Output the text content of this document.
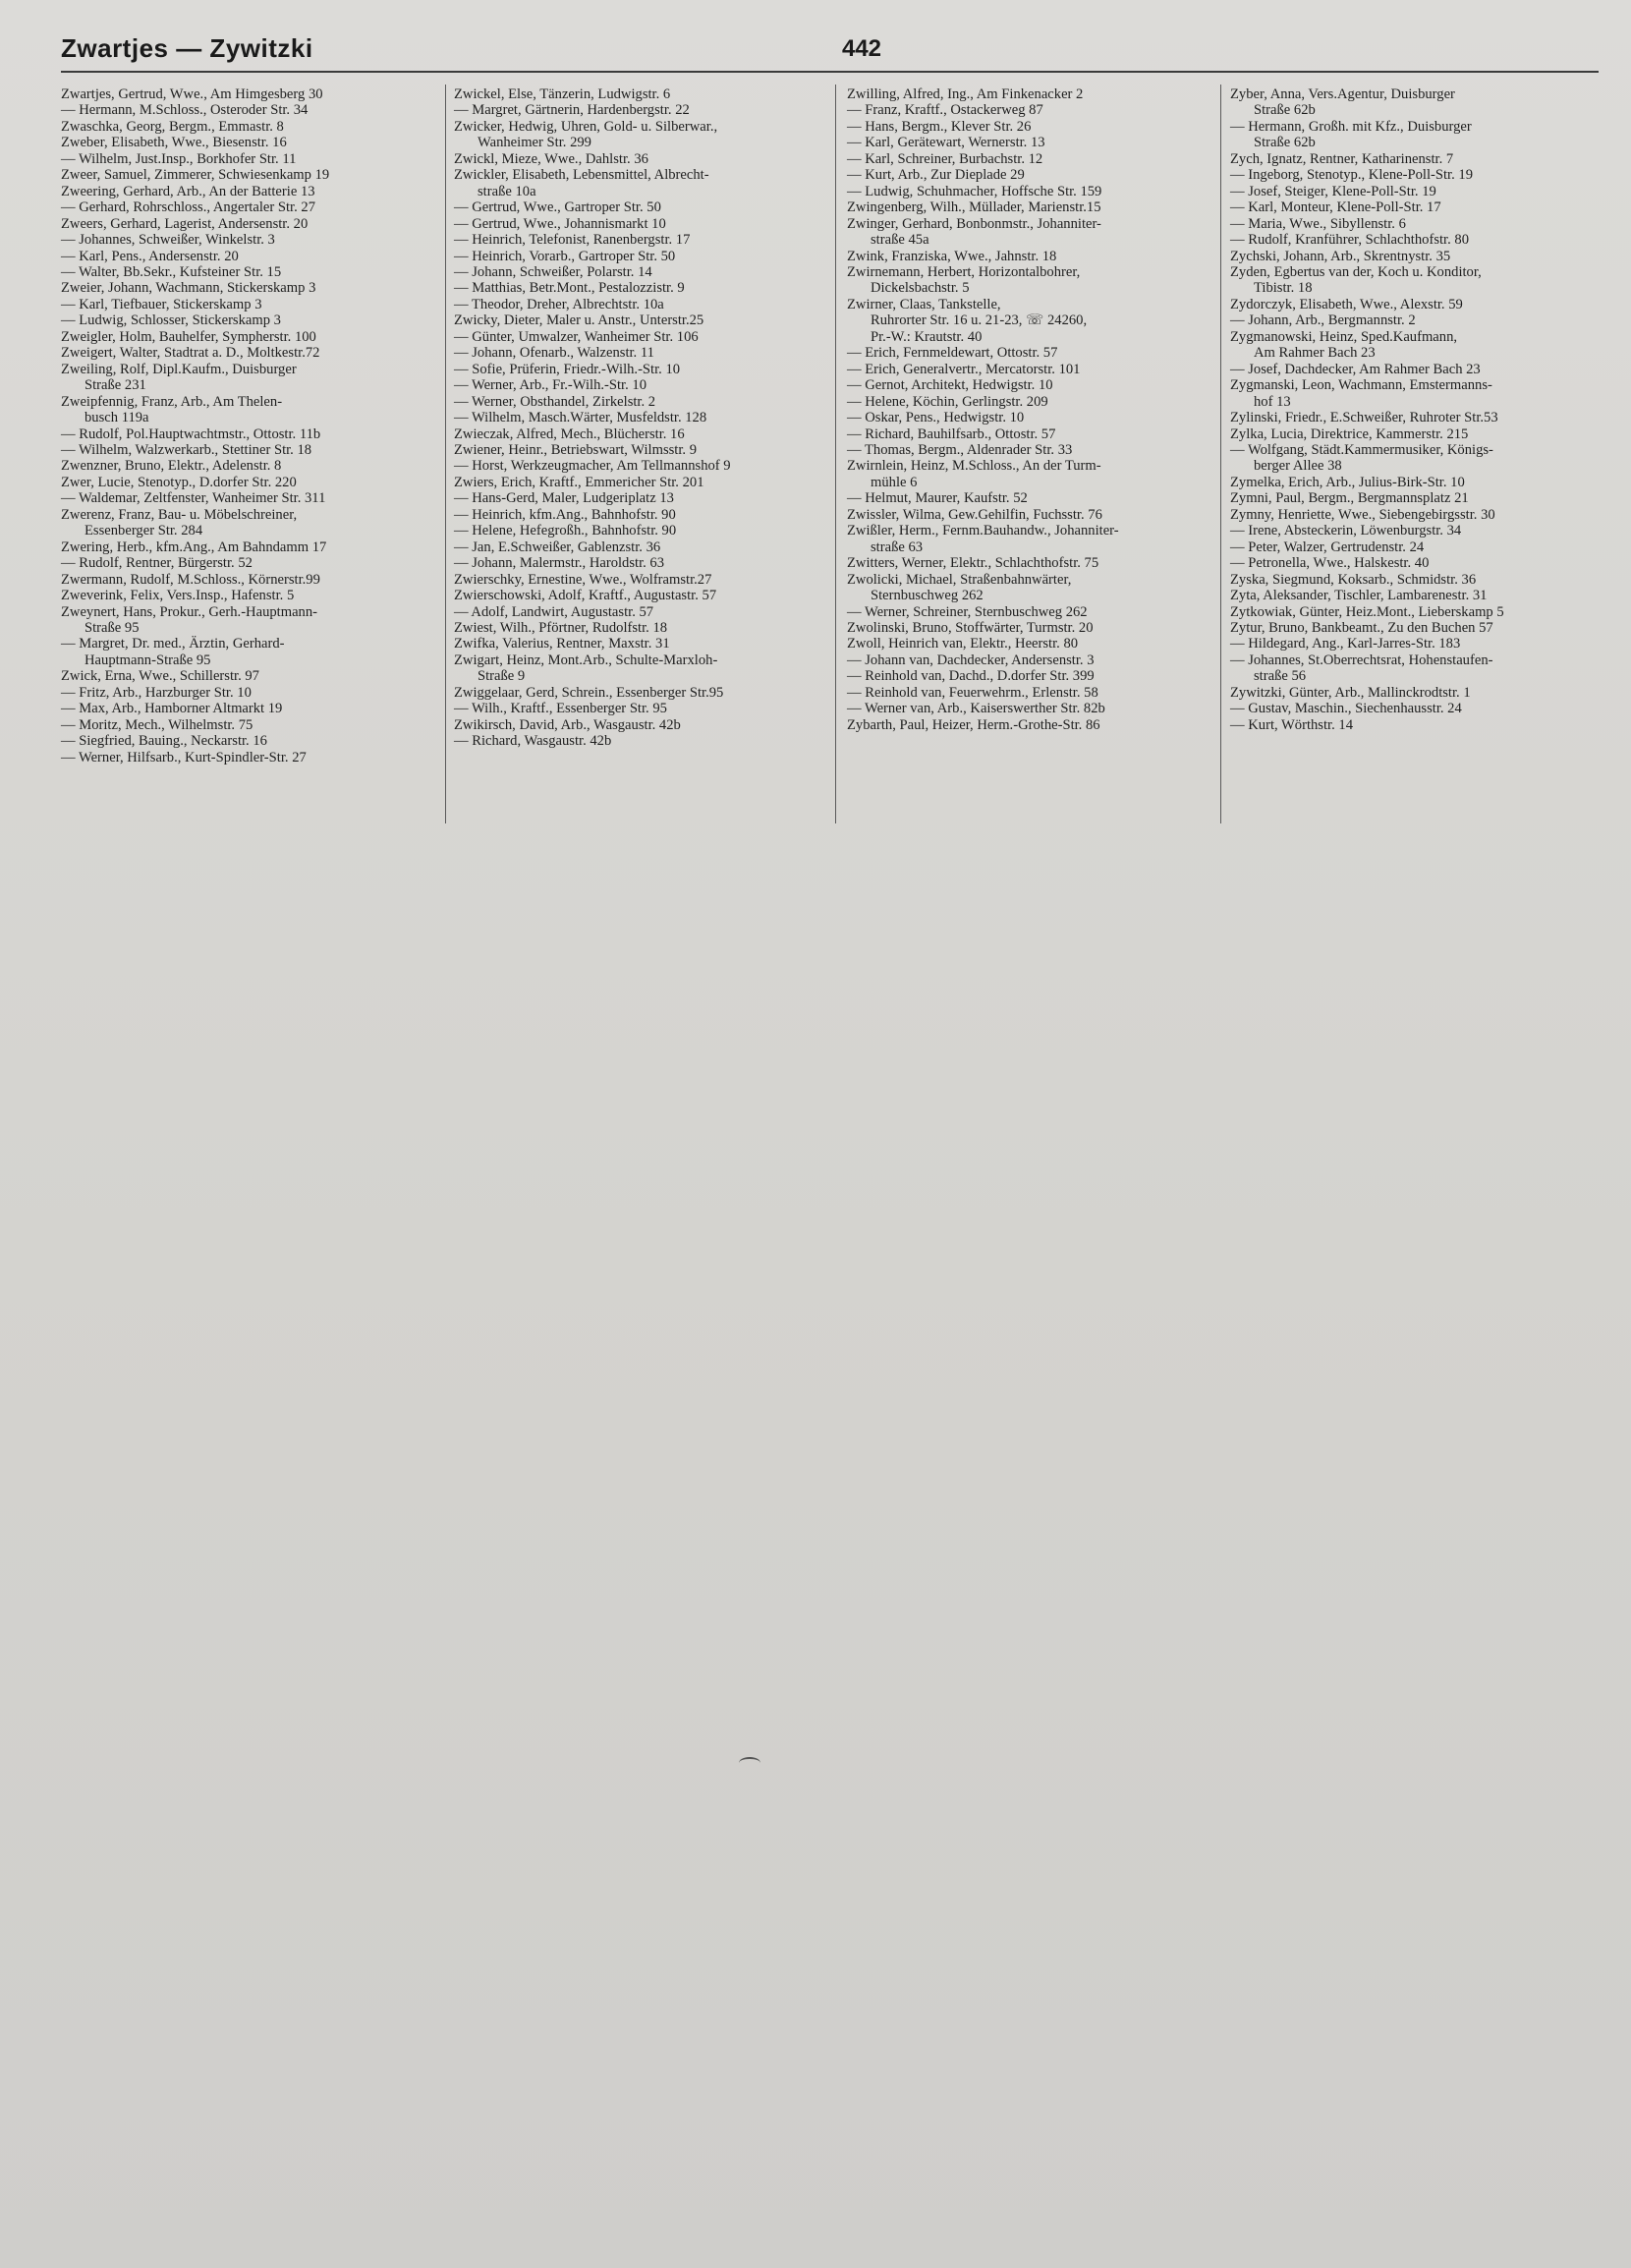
Zwartjes — Zywitzki	442
Zwartjes, Gertrud, Wwe., Am Himgesberg 30
— Hermann, M.Schloss., Osteroder Str. 34
Zwaschka, Georg, Bergm., Emmastr. 8
Zweber, Elisabeth, Wwe., Biesenstr. 16
— Wilhelm, Just.Insp., Borkhofer Str. 11
Zweer, Samuel, Zimmerer, Schwiesenkamp 19
Zweering, Gerhard, Arb., An der Batterie 13
— Gerhard, Rohrschloss., Angertaler Str. 27
Zweers, Gerhard, Lagerist, Andersenstr. 20
— Johannes, Schweißer, Winkelstr. 3
— Karl, Pens., Andersenstr. 20
— Walter, Bb.Sekr., Kufsteiner Str. 15
Zweier, Johann, Wachmann, Stickerskamp 3
— Karl, Tiefbauer, Stickerskamp 3
— Ludwig, Schlosser, Stickerskamp 3
Zweigler, Holm, Bauhelfer, Sympherstr. 100
Zweigert, Walter, Stadtrat a. D., Moltkestr.72
Zweiling, Rolf, Dipl.Kaufm., Duisburger
Straße 231
Zweipfennig, Franz, Arb., Am Thelen-
busch 119a
— Rudolf, Pol.Hauptwachtmstr., Ottostr. 11b
— Wilhelm, Walzwerkarb., Stettiner Str. 18
Zwenzner, Bruno, Elektr., Adelenstr. 8
Zwer, Lucie, Stenotyp., D.dorfer Str. 220
— Waldemar, Zeltfenster, Wanheimer Str. 311
Zwerenz, Franz, Bau- u. Möbelschreiner,
Essenberger Str. 284
Zwering, Herb., kfm.Ang., Am Bahndamm 17
— Rudolf, Rentner, Bürgerstr. 52
Zwermann, Rudolf, M.Schloss., Körnerstr.99
Zweverink, Felix, Vers.Insp., Hafenstr. 5
Zweynert, Hans, Prokur., Gerh.-Hauptmann-
Straße 95
— Margret, Dr. med., Ärztin, Gerhard-
Hauptmann-Straße 95
Zwick, Erna, Wwe., Schillerstr. 97
— Fritz, Arb., Harzburger Str. 10
— Max, Arb., Hamborner Altmarkt 19
— Moritz, Mech., Wilhelmstr. 75
— Siegfried, Bauing., Neckarstr. 16
— Werner, Hilfsarb., Kurt-Spindler-Str. 27
Zwickel, Else, Tänzerin, Ludwigstr. 6
— Margret, Gärtnerin, Hardenbergstr. 22
Zwicker, Hedwig, Uhren, Gold- u. Silberwar.,
Wanheimer Str. 299
Zwickl, Mieze, Wwe., Dahlstr. 36
Zwickler, Elisabeth, Lebensmittel, Albrecht-
straße 10a
— Gertrud, Wwe., Gartroper Str. 50
— Gertrud, Wwe., Johannismarkt 10
— Heinrich, Telefonist, Ranenbergstr. 17
— Heinrich, Vorarb., Gartroper Str. 50
— Johann, Schweißer, Polarstr. 14
— Matthias, Betr.Mont., Pestalozzistr. 9
— Theodor, Dreher, Albrechtstr. 10a
Zwicky, Dieter, Maler u. Anstr., Unterstr.25
— Günter, Umwalzer, Wanheimer Str. 106
— Johann, Ofenarb., Walzenstr. 11
— Sofie, Prüferin, Friedr.-Wilh.-Str. 10
— Werner, Arb., Fr.-Wilh.-Str. 10
— Werner, Obsthandel, Zirkelstr. 2
— Wilhelm, Masch.Wärter, Musfeldstr. 128
Zwieczak, Alfred, Mech., Blücherstr. 16
Zwiener, Heinr., Betriebswart, Wilmsstr. 9
— Horst, Werkzeugmacher, Am Tellmannshof 9
Zwiers, Erich, Kraftf., Emmericher Str. 201
— Hans-Gerd, Maler, Ludgeriplatz 13
— Heinrich, kfm.Ang., Bahnhofstr. 90
— Helene, Hefegroßh., Bahnhofstr. 90
— Jan, E.Schweißer, Gablenzstr. 36
— Johann, Malermstr., Haroldstr. 63
Zwierschky, Ernestine, Wwe., Wolframstr.27
Zwierschowski, Adolf, Kraftf., Augustastr. 57
— Adolf, Landwirt, Augustastr. 57
Zwiest, Wilh., Pförtner, Rudolfstr. 18
Zwifka, Valerius, Rentner, Maxstr. 31
Zwigart, Heinz, Mont.Arb., Schulte-Marxloh-
Straße 9
Zwiggelaar, Gerd, Schrein., Essenberger Str.95
— Wilh., Kraftf., Essenberger Str. 95
Zwikirsch, David, Arb., Wasgaustr. 42b
— Richard, Wasgaustr. 42b
Zwilling, Alfred, Ing., Am Finkenacker 2
— Franz, Kraftf., Ostackerweg 87
— Hans, Bergm., Klever Str. 26
— Karl, Gerätewart, Wernerstr. 13
— Karl, Schreiner, Burbachstr. 12
— Kurt, Arb., Zur Dieplade 29
— Ludwig, Schuhmacher, Hoffsche Str. 159
Zwingenberg, Wilh., Müllader, Marienstr.15
Zwinger, Gerhard, Bonbonmstr., Johanniter-
straße 45a
Zwink, Franziska, Wwe., Jahnstr. 18
Zwirnemann, Herbert, Horizontalbohrer,
Dickelsbachstr. 5
Zwirner, Claas, Tankstelle,
Ruhrorter Str. 16 u. 21-23, ☏ 24260,
Pr.-W.: Krautstr. 40
— Erich, Fernmeldewart, Ottostr. 57
— Erich, Generalvertr., Mercatorstr. 101
— Gernot, Architekt, Hedwigstr. 10
— Helene, Köchin, Gerlingstr. 209
— Oskar, Pens., Hedwigstr. 10
— Richard, Bauhilfsarb., Ottostr. 57
— Thomas, Bergm., Aldenrader Str. 33
Zwirnlein, Heinz, M.Schloss., An der Turm-
mühle 6
— Helmut, Maurer, Kaufstr. 52
Zwissler, Wilma, Gew.Gehilfin, Fuchsstr. 76
Zwißler, Herm., Fernm.Bauhandw., Johanniter-
straße 63
Zwitters, Werner, Elektr., Schlachthofstr. 75
Zwolicki, Michael, Straßenbahnwärter,
Sternbuschweg 262
— Werner, Schreiner, Sternbuschweg 262
Zwolinski, Bruno, Stoffwärter, Turmstr. 20
Zwoll, Heinrich van, Elektr., Heerstr. 80
— Johann van, Dachdecker, Andersenstr. 3
— Reinhold van, Dachd., D.dorfer Str. 399
— Reinhold van, Feuerwehrm., Erlenstr. 58
— Werner van, Arb., Kaiserswerther Str. 82b
Zybarth, Paul, Heizer, Herm.-Grothe-Str. 86
Zyber, Anna, Vers.Agentur, Duisburger
Straße 62b
— Hermann, Großh. mit Kfz., Duisburger
Straße 62b
Zych, Ignatz, Rentner, Katharinenstr. 7
— Ingeborg, Stenotyp., Klene-Poll-Str. 19
— Josef, Steiger, Klene-Poll-Str. 19
— Karl, Monteur, Klene-Poll-Str. 17
— Maria, Wwe., Sibyllenstr. 6
— Rudolf, Kranführer, Schlachthofstr. 80
Zychski, Johann, Arb., Skrentnystr. 35
Zyden, Egbertus van der, Koch u. Konditor,
Tibistr. 18
Zydorczyk, Elisabeth, Wwe., Alexstr. 59
— Johann, Arb., Bergmannstr. 2
Zygmanowski, Heinz, Sped.Kaufmann,
Am Rahmer Bach 23
— Josef, Dachdecker, Am Rahmer Bach 23
Zygmanski, Leon, Wachmann, Emstermanns-
hof 13
Zylinski, Friedr., E.Schweißer, Ruhroter Str.53
Zylka, Lucia, Direktrice, Kammerstr. 215
— Wolfgang, Städt.Kammermusiker, Königs-
berger Allee 38
Zymelka, Erich, Arb., Julius-Birk-Str. 10
Zymni, Paul, Bergm., Bergmannsplatz 21
Zymny, Henriette, Wwe., Siebengebirgsstr. 30
— Irene, Absteckerin, Löwenburgstr. 34
— Peter, Walzer, Gertrudenstr. 24
— Petronella, Wwe., Halskestr. 40
Zyska, Siegmund, Koksarb., Schmidstr. 36
Zyta, Aleksander, Tischler, Lambarenestr. 31
Zytkowiak, Günter, Heiz.Mont., Lieberskamp 5
Zytur, Bruno, Bankbeamt., Zu den Buchen 57
— Hildegard, Ang., Karl-Jarres-Str. 183
— Johannes, St.Oberrechtsrat, Hohenstaufen-
straße 56
Zywitzki, Günter, Arb., Mallinckrodtstr. 1
— Gustav, Maschin., Siechenhausstr. 24
— Kurt, Wörthstr. 14
